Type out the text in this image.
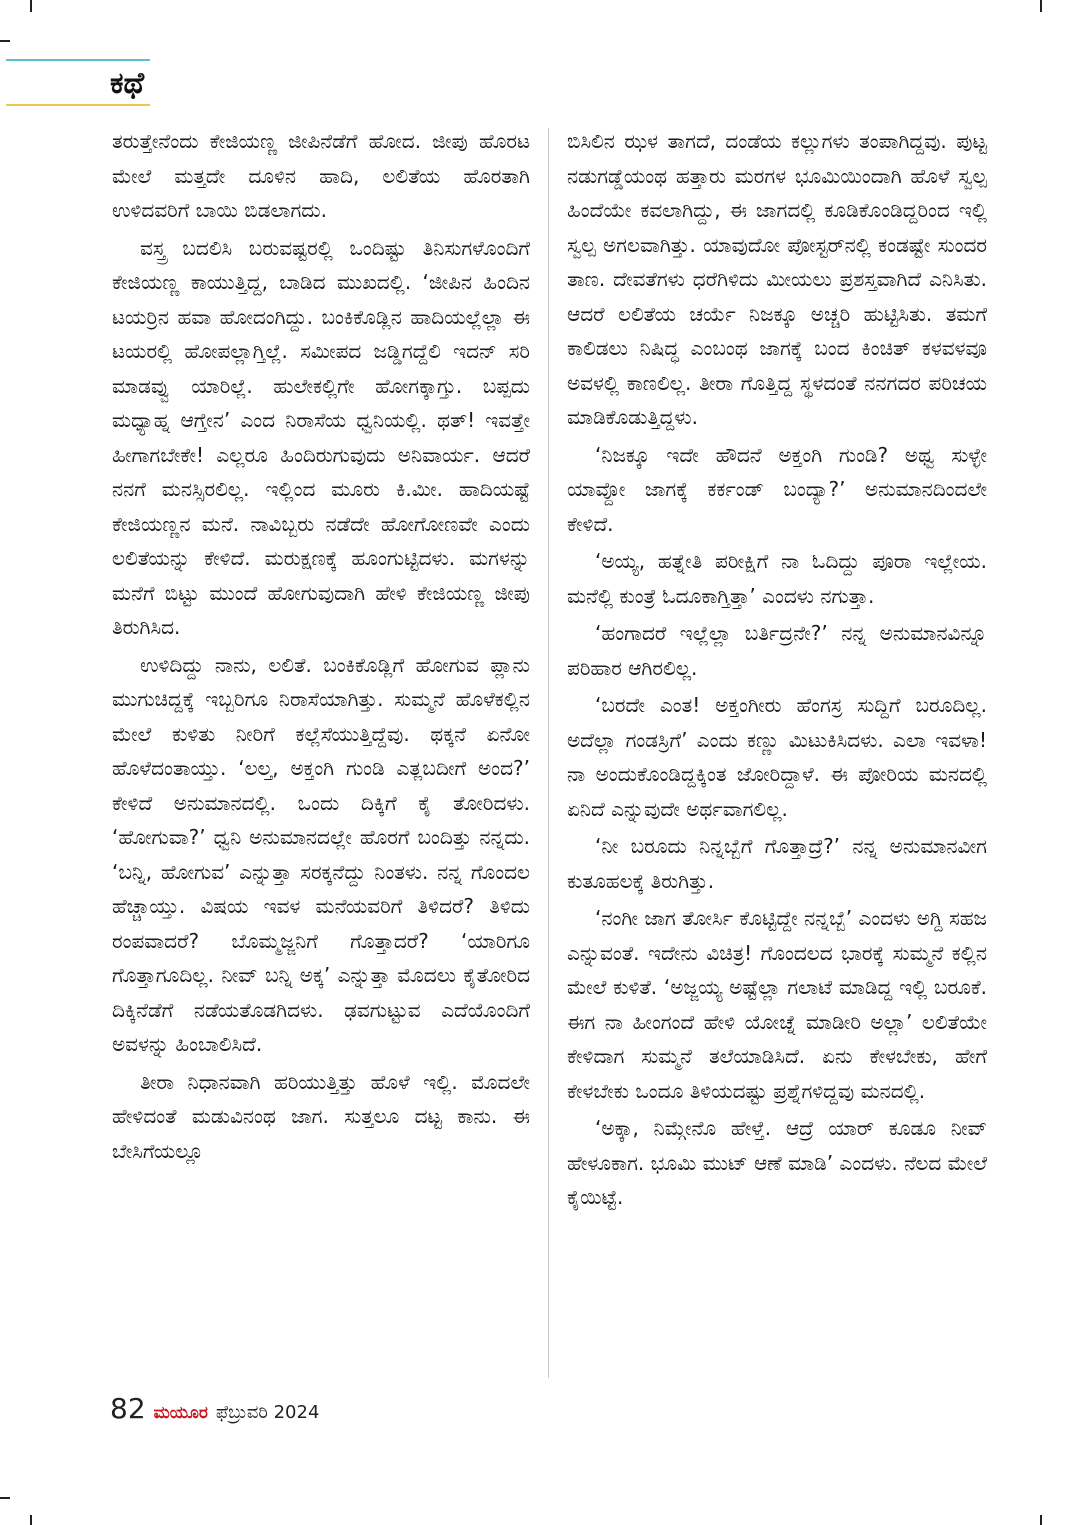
ಕಥೆ

ತರುತ್ತೇನೆಂದು ಕೇಜಿಯಣ್ಣ ಜೀಪಿನೆಡೆಗೆ ಹೋದ. ಜೀಪು ಹೊರಟ ಮೇಲೆ ಮತ್ತದೇ ದೂಳಿನ ಹಾದಿ, ಲಲಿತೆಯ ಹೊರತಾಗಿ ಉಳಿದವರಿಗೆ ಬಾಯಿ ಬಿಡಲಾಗದು.

ವಸ್ತ್ರ ಬದಲಿಸಿ ಬರುವಷ್ಟರಲ್ಲಿ ಒಂದಿಷ್ಟು ತಿನಿಸುಗಳೊಂದಿಗೆ ಕೇಜಿಯಣ್ಣ ಕಾಯುತ್ತಿದ್ದ, ಬಾಡಿದ ಮುಖದಲ್ಲಿ. ‘ಜೀಪಿನ ಹಿಂದಿನ ಟಯರ್‍ರಿನ ಹವಾ ಹೋದಂಗಿದ್ದು. ಬಂಕಿಕೊಡ್ಲಿನ ಹಾದಿಯಲ್ಲೆಲ್ಲಾ ಈ ಟಯರಲ್ಲಿ ಹೋಪಲ್ಲಾಗ್ತಿಲ್ಲೆ. ಸಮೀಪದ ಜಡ್ಡಿಗದ್ದೆಲಿ ಇದನ್ ಸರಿ ಮಾಡವ್ವು ಯಾರಿಲ್ಲೆ. ಹುಲೇಕಲ್ಲಿಗೇ ಹೋಗಕ್ಕಾಗ್ತು. ಬಪ್ಪದು ಮಧ್ಯಾಹ್ನ ಆಗ್ತೇನ’ ಎಂದ ನಿರಾಸೆಯ ಧ್ವನಿಯಲ್ಲಿ. ಥತ್! ಇವತ್ತೇ ಹೀಗಾಗಬೇಕೇ! ಎಲ್ಲರೂ ಹಿಂದಿರುಗುವುದು ಅನಿವಾರ್ಯ. ಆದರೆ ನನಗೆ ಮನಸ್ಸಿರಲಿಲ್ಲ. ಇಲ್ಲಿಂದ ಮೂರು ಕಿ.ಮೀ. ಹಾದಿಯಷ್ಟೆ ಕೇಜಿಯಣ್ಣನ ಮನೆ. ನಾವಿಬ್ಬರು ನಡೆದೇ ಹೋಗೋಣವೇ ಎಂದು ಲಲಿತೆಯನ್ನು ಕೇಳಿದೆ. ಮರುಕ್ಷಣಕ್ಕೆ ಹೂಂಗುಟ್ಟಿದಳು. ಮಗಳನ್ನು ಮನೆಗೆ ಬಿಟ್ಟು ಮುಂದೆ ಹೋಗುವುದಾಗಿ ಹೇಳಿ ಕೇಜಿಯಣ್ಣ ಜೀಪು ತಿರುಗಿಸಿದ.

ಉಳಿದಿದ್ದು ನಾನು, ಲಲಿತೆ. ಬಂಕಿಕೊಡ್ಲಿಗೆ ಹೋಗುವ ಪ್ಲಾನು ಮುಗುಚಿದ್ದಕ್ಕೆ ಇಬ್ಬರಿಗೂ ನಿರಾಸೆಯಾಗಿತ್ತು. ಸುಮ್ಮನೆ ಹೊಳೆಕಲ್ಲಿನ ಮೇಲೆ ಕುಳಿತು ನೀರಿಗೆ ಕಲ್ಲೆಸೆಯುತ್ತಿದ್ದೆವು. ಥಕ್ಕನೆ ಏನೋ ಹೊಳೆದಂತಾಯ್ತು. ‘ಲಲ್ತ, ಅಕ್ತಂಗಿ ಗುಂಡಿ ಎತ್ಲಬದೀಗೆ ಅಂದ?’ ಕೇಳಿದೆ ಅನುಮಾನದಲ್ಲಿ. ಒಂದು ದಿಕ್ಕಿಗೆ ಕೈ ತೋರಿದಳು. ‘ಹೋಗುವಾ?’ ಧ್ವನಿ ಅನುಮಾನದಲ್ಲೇ ಹೊರಗೆ ಬಂದಿತ್ತು ನನ್ನದು. ‘ಬನ್ನಿ, ಹೋಗುವ’ ಎನ್ನುತ್ತಾ ಸರಕ್ಕನೆದ್ದು ನಿಂತಳು. ನನ್ನ ಗೊಂದಲ ಹೆಚ್ಚಾಯ್ತು. ವಿಷಯ ಇವಳ ಮನೆಯವರಿಗೆ ತಿಳಿದರೆ? ತಿಳಿದು ರಂಪವಾದರೆ? ಬೊಮ್ಮಜ್ಜನಿಗೆ ಗೊತ್ತಾದರೆ? ‘ಯಾರಿಗೂ ಗೊತ್ತಾಗೂದಿಲ್ಲ. ನೀವ್ ಬನ್ನಿ ಅಕ್ಕ’ ಎನ್ನುತ್ತಾ ಮೊದಲು ಕೈತೋರಿದ ದಿಕ್ಕಿನೆಡೆಗೆ ನಡೆಯತೊಡಗಿದಳು. ಢವಗುಟ್ಟುವ ಎದೆಯೊಂದಿಗೆ ಅವಳನ್ನು ಹಿಂಬಾಲಿಸಿದೆ.

ತೀರಾ ನಿಧಾನವಾಗಿ ಹರಿಯುತ್ತಿತ್ತು ಹೊಳೆ ಇಲ್ಲಿ. ಮೊದಲೇ ಹೇಳಿದಂತೆ ಮಡುವಿನಂಥ ಜಾಗ. ಸುತ್ತಲೂ ದಟ್ಟ ಕಾನು. ಈ ಬೇಸಿಗೆಯಲ್ಲೂ

ಬಿಸಿಲಿನ ಝಳ ತಾಗದೆ, ದಂಡೆಯ ಕಲ್ಲುಗಳು ತಂಪಾಗಿದ್ದವು. ಪುಟ್ಟ ನಡುಗಡ್ಡೆಯಂಥ ಹತ್ತಾರು ಮರಗಳ ಭೂಮಿಯಿಂದಾಗಿ ಹೊಳೆ ಸ್ವಲ್ಪ ಹಿಂದೆಯೇ ಕವಲಾಗಿದ್ದು, ಈ ಜಾಗದಲ್ಲಿ ಕೂಡಿಕೊಂಡಿದ್ದರಿಂದ ಇಲ್ಲಿ ಸ್ವಲ್ಪ ಅಗಲವಾಗಿತ್ತು. ಯಾವುದೋ ಪೋಸ್ಟರ್‌ನಲ್ಲಿ ಕಂಡಷ್ಟೇ ಸುಂದರ ತಾಣ. ದೇವತೆಗಳು ಧರೆಗಿಳಿದು ಮೀಯಲು ಪ್ರಶಸ್ತವಾಗಿದೆ ಎನಿಸಿತು. ಆದರೆ ಲಲಿತೆಯ ಚರ್ಯೆ ನಿಜಕ್ಕೂ ಅಚ್ಚರಿ ಹುಟ್ಟಿಸಿತು. ತಮಗೆ ಕಾಲಿಡಲು ನಿಷಿದ್ಧ ಎಂಬಂಥ ಜಾಗಕ್ಕೆ ಬಂದ ಕಿಂಚಿತ್ ಕಳವಳವೂ ಅವಳಲ್ಲಿ ಕಾಣಲಿಲ್ಲ. ತೀರಾ ಗೊತ್ತಿದ್ದ ಸ್ಥಳದಂತೆ ನನಗದರ ಪರಿಚಯ ಮಾಡಿಕೊಡುತ್ತಿದ್ದಳು.

‘ನಿಜಕ್ಕೂ ಇದೇ ಹೌದನೆ ಅಕ್ತಂಗಿ ಗುಂಡಿ? ಅಥ್ವ ಸುಳ್ಳೇ ಯಾವ್ದೋ ಜಾಗಕ್ಕೆ ಕರ್ಕಂಡ್ ಬಂದ್ಯಾ?’ ಅನುಮಾನದಿಂದಲೇ ಕೇಳಿದೆ.

‘ಅಯ್ಯ, ಹತ್ನೇತಿ ಪರೀಕ್ಷಿಗೆ ನಾ ಓದಿದ್ದು ಪೂರಾ ಇಲ್ಲೇಯ. ಮನೆಲ್ಲಿ ಕುಂತ್ರೆ ಓದೂಕಾಗ್ತಿತ್ತಾ’ ಎಂದಳು ನಗುತ್ತಾ.

‘ಹಂಗಾದರೆ ಇಲ್ಲೆಲ್ಲಾ ಬರ್ತಿದ್ರನೇ?’ ನನ್ನ ಅನುಮಾನವಿನ್ನೂ ಪರಿಹಾರ ಆಗಿರಲಿಲ್ಲ.

‘ಬರದೇ ಎಂತ! ಅಕ್ತಂಗೀರು ಹೆಂಗಸ್ರ ಸುದ್ದಿಗೆ ಬರೂದಿಲ್ಲ. ಅದೆಲ್ಲಾ ಗಂಡಸ್ರಿಗೆ’ ಎಂದು ಕಣ್ಣು ಮಿಟುಕಿಸಿದಳು. ಎಲಾ ಇವಳಾ! ನಾ ಅಂದುಕೊಂಡಿದ್ದಕ್ಕಿಂತ ಜೋರಿದ್ದಾಳೆ. ಈ ಪೋರಿಯ ಮನದಲ್ಲಿ ಏನಿದೆ ಎನ್ನುವುದೇ ಅರ್ಥವಾಗಲಿಲ್ಲ.

‘ನೀ ಬರೂದು ನಿನ್ನಬ್ಬೆಗೆ ಗೊತ್ತಾದ್ರೆ?’ ನನ್ನ ಅನುಮಾನವೀಗ ಕುತೂಹಲಕ್ಕೆ ತಿರುಗಿತ್ತು.

‘ನಂಗೀ ಜಾಗ ತೋರ್ಸಿ ಕೊಟ್ಟಿದ್ದೇ ನನ್ನಬ್ಬೆ’ ಎಂದಳು ಅಗ್ದಿ ಸಹಜ ಎನ್ನುವಂತೆ. ಇದೇನು ವಿಚಿತ್ರ! ಗೊಂದಲದ ಭಾರಕ್ಕೆ ಸುಮ್ಮನೆ ಕಲ್ಲಿನ ಮೇಲೆ ಕುಳಿತೆ. ‘ಅಜ್ಜಯ್ಯ ಅಷ್ಟೆಲ್ಲಾ ಗಲಾಟೆ ಮಾಡಿದ್ದ ಇಲ್ಲಿ ಬರೂಕೆ. ಈಗ ನಾ ಹೀಂಗಂದೆ ಹೇಳಿ ಯೋಚ್ನೆ ಮಾಡೀರಿ ಅಲ್ಲಾ’ ಲಲಿತೆಯೇ ಕೇಳಿದಾಗ ಸುಮ್ಮನೆ ತಲೆಯಾಡಿಸಿದೆ. ಏನು ಕೇಳಬೇಕು, ಹೇಗೆ ಕೇಳಬೇಕು ಒಂದೂ ತಿಳಿಯದಷ್ಟು ಪ್ರಶ್ನೆಗಳಿದ್ದವು ಮನದಲ್ಲಿ.

‘ಅಕ್ಕಾ, ನಿಮ್ಗೇನೊ ಹೇಳ್ತೆ. ಆದ್ರೆ ಯಾರ್ ಕೂಡೂ ನೀವ್ ಹೇಳೂಕಾಗ. ಭೂಮಿ ಮುಟ್ ಆಣೆ ಮಾಡಿ’ ಎಂದಳು. ನೆಲದ ಮೇಲೆ ಕೈಯಿಟ್ಟೆ.

82 ಮಯೂರ ಫೆಬ್ರುವರಿ 2024
